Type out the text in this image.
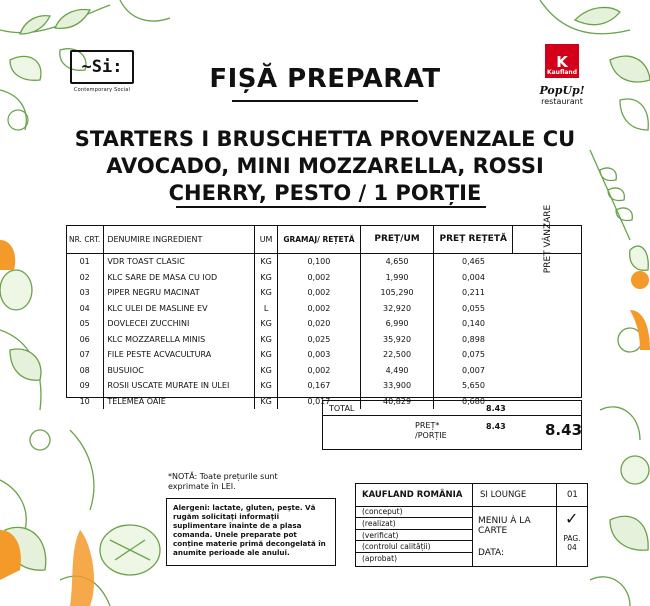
~Si:
Contemporary Social
K
Kaufland
PopUp!
restaurant
FIȘĂ PREPARAT
STARTERS I BRUSCHETTA PROVENZALE CU AVOCADO, MINI MOZZARELLA, ROSSI CHERRY, PESTO / 1 PORȚIE
NR. CRT.	DENUMIRE INGREDIENT	UM	GRAMAJ/ REȚETĂ	PREȚ/UM	PREȚ REȚETĂ	PREȚ VÂNZARE
01	VDR TOAST CLASIC	KG	0,100	4,650	0,465	
02	KLC SARE DE MASA CU IOD	KG	0,002	1,990	0,004	
03	PIPER NEGRU MACINAT	KG	0,002	105,290	0,211	
04	KLC ULEI DE MASLINE EV	L	0,002	32,920	0,055	
05	DOVLECEI ZUCCHINI	KG	0,020	6,990	0,140	
06	KLC MOZZARELLA MINIS	KG	0,025	35,920	0,898	
07	FILE PESTE ACVACULTURA	KG	0,003	22,500	0,075	
08	BUSUIOC	KG	0,002	4,490	0,007	
09	ROSII USCATE MURATE IN ULEI	KG	0,167	33,900	5,650	
10	TELEMEA OAIE	KG	0,017	40,829	0,680	
TOTAL	8.43
PREȚ* /PORȚIE
8.43	8.43
*NOTĂ: Toate prețurile sunt exprimate în LEI.
Alergeni: lactate, gluten, pește. Vă rugăm solicitați informații suplimentare înainte de a plasa comanda. Unele preparate pot conține materie primă decongelată în anumite perioade ale anului.
KAUFLAND ROMÂNIA SI LOUNGE	01
(conceput)
(realizat)
(verificat)
(controlul calității)
(aprobat)
MENIU À LA CARTE
DATA:
✓
PAG. 04
